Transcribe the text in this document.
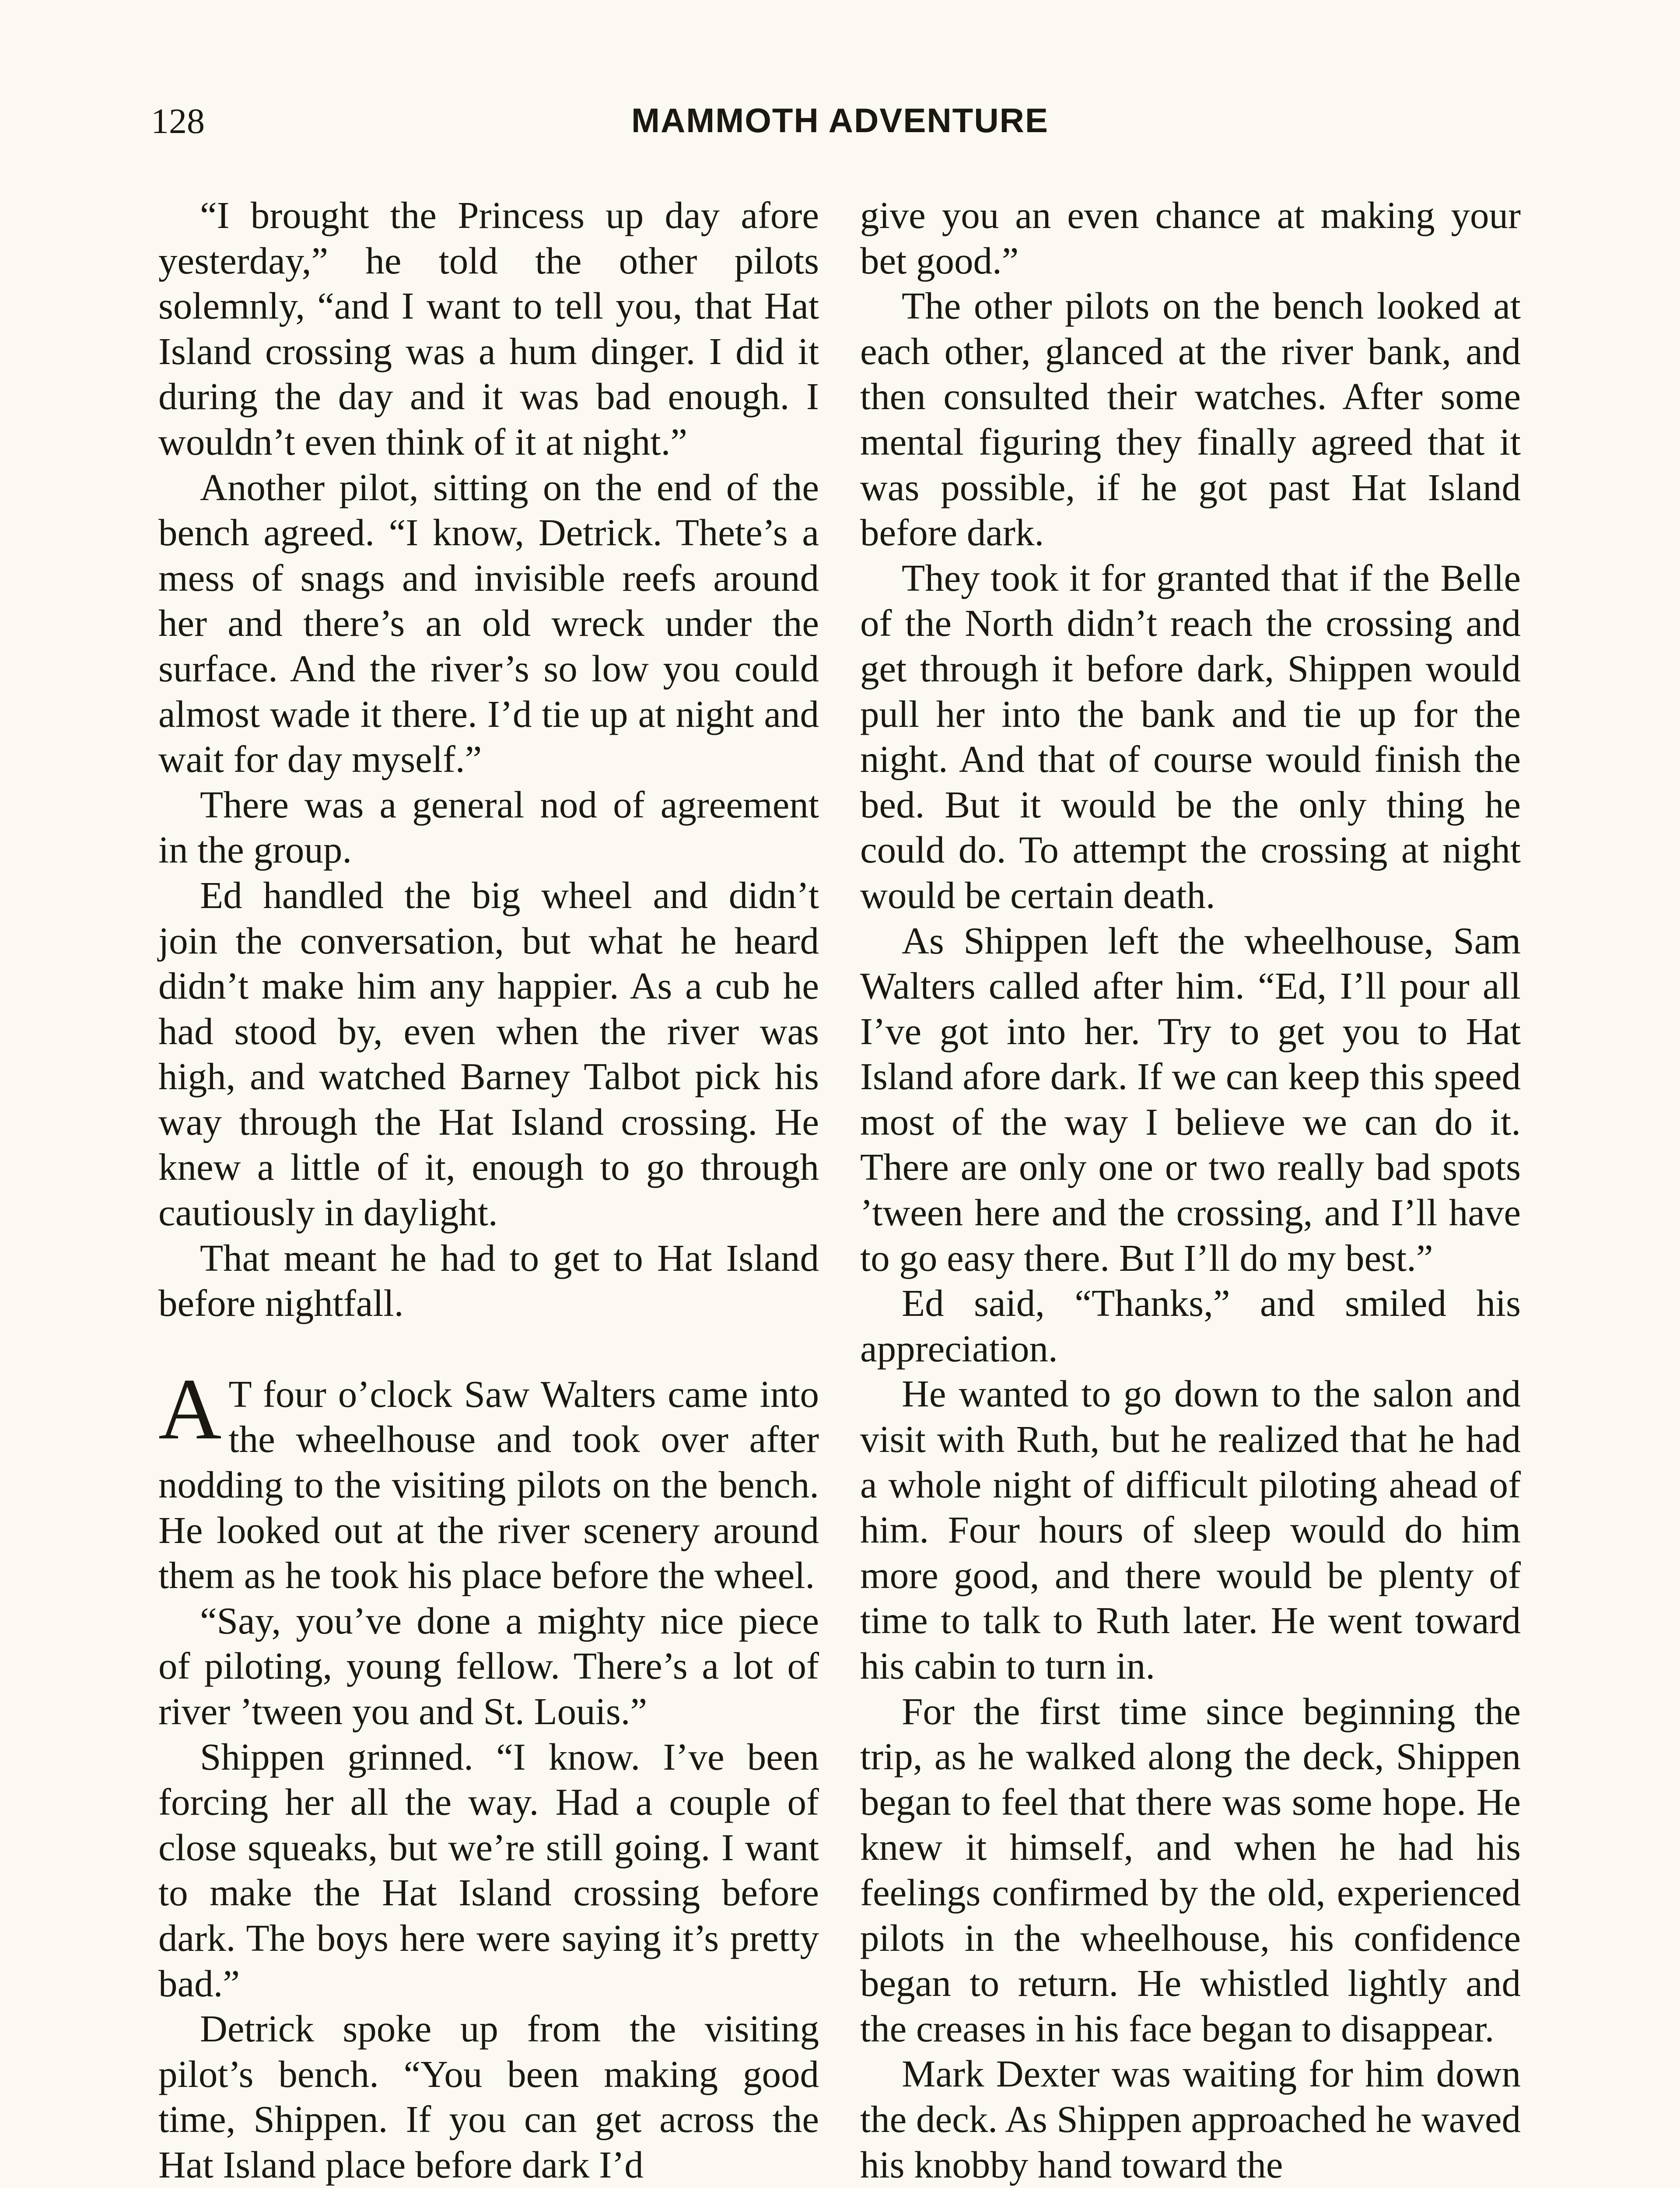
128	MAMMOTH ADVENTURE

“I brought the Princess up day afore yesterday,” he told the other pilots solemnly, “and I want to tell you, that Hat Island crossing was a hum dinger. I did it during the day and it was bad enough. I wouldn’t even think of it at night.”

Another pilot, sitting on the end of the bench agreed. “I know, Detrick. Thete’s a mess of snags and invisible reefs around her and there’s an old wreck under the surface. And the river’s so low you could almost wade it there. I’d tie up at night and wait for day myself.”

There was a general nod of agreement in the group.

Ed handled the big wheel and didn’t join the conversation, but what he heard didn’t make him any happier. As a cub he had stood by, even when the river was high, and watched Barney Talbot pick his way through the Hat Island crossing. He knew a little of it, enough to go through cautiously in daylight.

That meant he had to get to Hat Island before nightfall.

A T four o’clock Saw Walters came into the wheelhouse and took over after nodding to the visiting pilots on the bench. He looked out at the river scenery around them as he took his place before the wheel.

“Say, you’ve done a mighty nice piece of piloting, young fellow. There’s a lot of river ’tween you and St. Louis.”

Shippen grinned. “I know. I’ve been forcing her all the way. Had a couple of close squeaks, but we’re still going. I want to make the Hat Island crossing before dark. The boys here were saying it’s pretty bad.”

Detrick spoke up from the visiting pilot’s bench. “You been making good time, Shippen. If you can get across the Hat Island place before dark I’d

give you an even chance at making your bet good.”

The other pilots on the bench looked at each other, glanced at the river bank, and then consulted their watches. After some mental figuring they finally agreed that it was possible, if he got past Hat Island before dark.

They took it for granted that if the Belle of the North didn’t reach the crossing and get through it before dark, Shippen would pull her into the bank and tie up for the night. And that of course would finish the bed. But it would be the only thing he could do. To attempt the crossing at night would be certain death.

As Shippen left the wheelhouse, Sam Walters called after him. “Ed, I’ll pour all I’ve got into her. Try to get you to Hat Island afore dark. If we can keep this speed most of the way I believe we can do it. There are only one or two really bad spots ’tween here and the crossing, and I’ll have to go easy there. But I’ll do my best.”

Ed said, “Thanks,” and smiled his appreciation.

He wanted to go down to the salon and visit with Ruth, but he realized that he had a whole night of difficult piloting ahead of him. Four hours of sleep would do him more good, and there would be plenty of time to talk to Ruth later. He went toward his cabin to turn in.

For the first time since beginning the trip, as he walked along the deck, Shippen began to feel that there was some hope. He knew it himself, and when he had his feelings confirmed by the old, experienced pilots in the wheelhouse, his confidence began to return. He whistled lightly and the creases in his face began to disappear.

Mark Dexter was waiting for him down the deck. As Shippen approached he waved his knobby hand toward the
